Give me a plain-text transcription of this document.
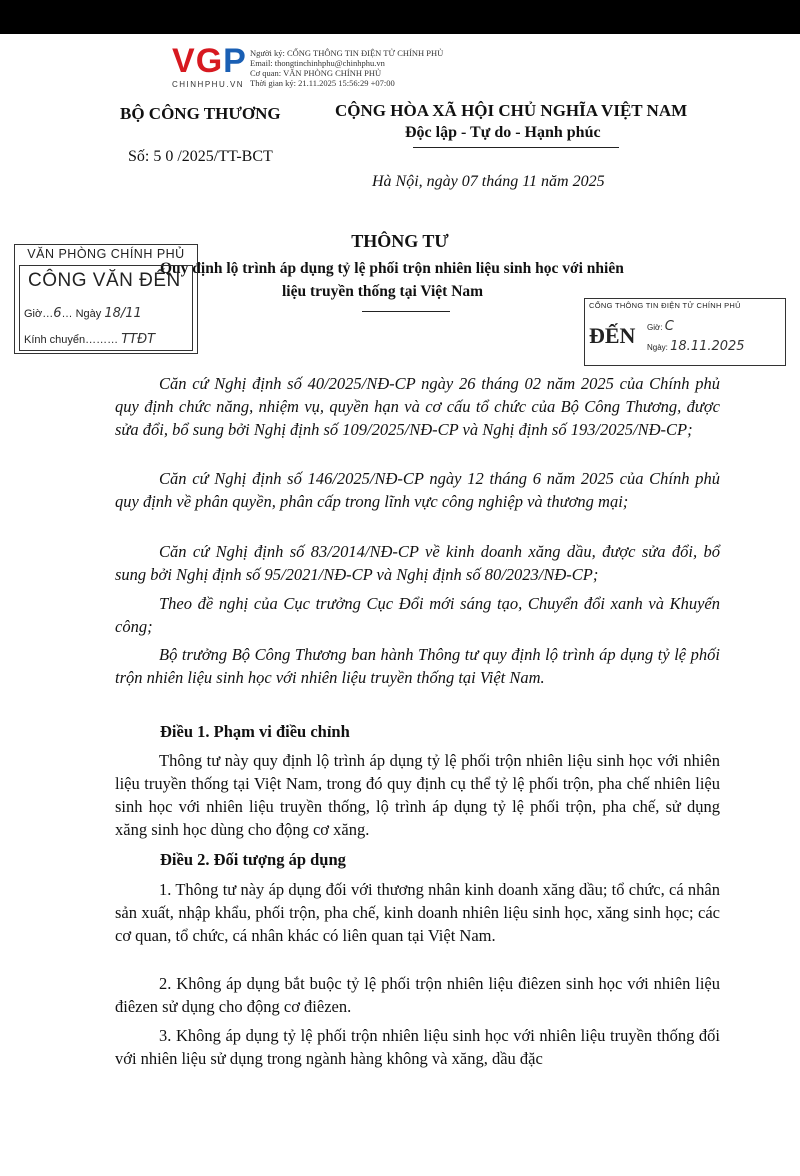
VGP
CHINHPHU.VN
Người ký: CỔNG THÔNG TIN ĐIỆN TỬ CHÍNH PHỦ
Email: thongtinchinhphu@chinhphu.vn
Cơ quan: VĂN PHÒNG CHÍNH PHỦ
Thời gian ký: 21.11.2025 15:56:29 +07:00
BỘ CÔNG THƯƠNG	CỘNG HÒA XÃ HỘI CHỦ NGHĨA VIỆT NAM
Độc lập - Tự do - Hạnh phúc
Số: 5 0 /2025/TT-BCT
Hà Nội, ngày 07 tháng 11 năm 2025
THÔNG TƯ
Quy định lộ trình áp dụng tỷ lệ phối trộn nhiên liệu sinh học với nhiên
liệu truyền thống tại Việt Nam
VĂN PHÒNG CHÍNH PHỦ
CÔNG VĂN ĐẾN
Giờ…6… Ngày 18/11
Kính chuyển……… TTĐT
CỔNG THÔNG TIN ĐIỆN TỬ CHÍNH PHỦ
ĐẾN Giờ: C
Ngày: 18.11.2025

Căn cứ Nghị định số 40/2025/NĐ-CP ngày 26 tháng 02 năm 2025 của Chính phủ quy định chức năng, nhiệm vụ, quyền hạn và cơ cấu tổ chức của Bộ Công Thương, được sửa đổi, bổ sung bởi Nghị định số 109/2025/NĐ-CP và Nghị định số 193/2025/NĐ-CP;

Căn cứ Nghị định số 146/2025/NĐ-CP ngày 12 tháng 6 năm 2025 của Chính phủ quy định về phân quyền, phân cấp trong lĩnh vực công nghiệp và thương mại;

Căn cứ Nghị định số 83/2014/NĐ-CP về kinh doanh xăng dầu, được sửa đổi, bổ sung bởi Nghị định số 95/2021/NĐ-CP và Nghị định số 80/2023/NĐ-CP;

Theo đề nghị của Cục trưởng Cục Đổi mới sáng tạo, Chuyển đổi xanh và Khuyến công;

Bộ trưởng Bộ Công Thương ban hành Thông tư quy định lộ trình áp dụng tỷ lệ phối trộn nhiên liệu sinh học với nhiên liệu truyền thống tại Việt Nam.

Điều 1. Phạm vi điều chỉnh

Thông tư này quy định lộ trình áp dụng tỷ lệ phối trộn nhiên liệu sinh học với nhiên liệu truyền thống tại Việt Nam, trong đó quy định cụ thể tỷ lệ phối trộn, pha chế nhiên liệu sinh học với nhiên liệu truyền thống, lộ trình áp dụng tỷ lệ phối trộn, pha chế, sử dụng xăng sinh học dùng cho động cơ xăng.

Điều 2. Đối tượng áp dụng

1. Thông tư này áp dụng đối với thương nhân kinh doanh xăng dầu; tổ chức, cá nhân sản xuất, nhập khẩu, phối trộn, pha chế, kinh doanh nhiên liệu sinh học, xăng sinh học; các cơ quan, tổ chức, cá nhân khác có liên quan tại Việt Nam.

2. Không áp dụng bắt buộc tỷ lệ phối trộn nhiên liệu điêzen sinh học với nhiên liệu điêzen sử dụng cho động cơ điêzen.

3. Không áp dụng tỷ lệ phối trộn nhiên liệu sinh học với nhiên liệu truyền thống đối với nhiên liệu sử dụng trong ngành hàng không và xăng, dầu đặc
